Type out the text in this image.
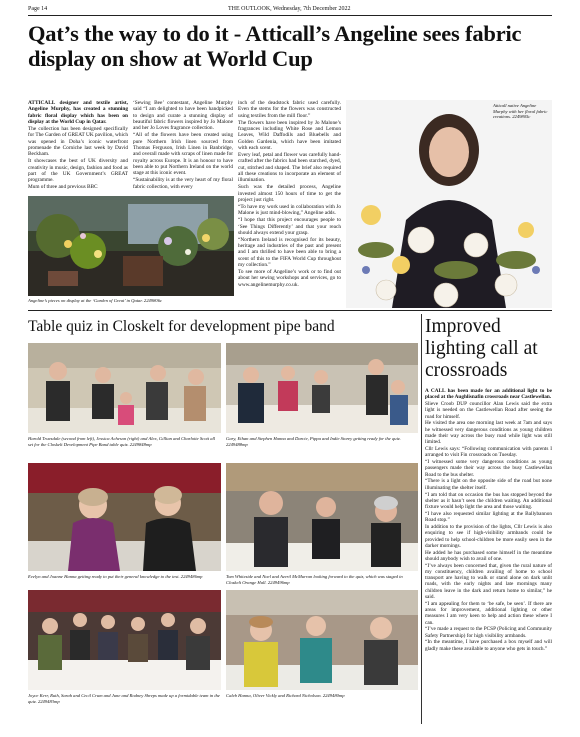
Page 14	THE OUTLOOK, Wednesday, 7th December 2022
Qat’s the way to do it - Atticall’s Angeline sees fabric display on show at World Cup

ATTICALL designer and textile artist, Angeline Murphy, has created a stunning fabric floral display which has been on display at the World Cup in Qatar.

The collection has been designed specifically for The Garden of GREAT UK pavilion, which was opened in Doha’s iconic waterfront promenade the Corniche last week by David Beckham.

It showcases the best of UK diversity and creativity in music, design, fashion and food as part of the UK Government’s GREAT programme.

Mum of three and previous BBC

‘Sewing Bee’ contestant, Angeline Murphy said “I am delighted to have been handpicked to design and curate a stunning display of beautiful fabric flowers inspired by Jo Malone and her Jo Loves fragrance collection.

“All of the flowers have been created using pure Northern Irish linen sourced from Thomas Ferguson, Irish Linen in Banbridge, and overall made with scraps of linen made for royalty across Europe. It is an honour to have been able to put Northern Ireland on the world stage at this iconic event.

“Sustainability is at the very heart of my floral fabric collection, with every

inch of the deadstock fabric used carefully. Even the stems for the flowers was constructed using textiles from the mill floor.”

The flowers have been inspired by Jo Malone’s fragrances including White Rose and Lemon Leaves, Wild Daffodils and Bluebells and Golden Gardenia, which have been imitated with each scent.

Every leaf, petal and flower was carefully hand-crafted after the fabrics had been starched, dyed, cut, stitched and shaped. The brief also required all these creations to incorporate an element of illumination.

Such was the detailed process, Angeline invested almost 150 hours of time to get the project just right.

“To have my work used in collaboration with Jo Malone is just mind-blowing,” Angeline adds.

“I hope that this project encourages people to ‘See Things Differently’ and that your reach should always extend your grasp.

“Northern Ireland is recognised for its beauty, heritage and industries of the past and present and I am thrilled to have been able to bring a scent of this to the FIFA World Cup throughout my collection.”

To see more of Angeline’s work or to find out about her sewing workshops and services, go to www.angelinemurphy.co.uk.

Angeline’s pieces on display at the ‘Garden of Great’ in Qatar. 2249806c
Atticall native Angeline Murphy with her floral fabric creations. 2249805c
Table quiz in Closkelt for development pipe band
Harold Truesdale (second from left), Jessica Acheson (right) and Alex, Gillian and Charlotte Scott all set for the Closkelt Development Pipe Band table quiz. 2249848mp
Gary, Ethan and Stephen Hanna and Darcie, Pippa and Indie Storey getting ready for the quiz. 2249488mp
Evelyn and Joanne Hanna getting ready to put their general knowledge to the test. 2249486mp	Tom Whiteside and Noel and Averil McMurran looking forward to the quiz, which was staged in Closkelt Orange Hall. 2249496mp
Joyce Kerr, Ruth, Sarah and Cecil Crum and June and Rodney Shreps made up a formidable team in the quiz. 2249483mp
Caleb Hanna, Oliver Vickly and Richard Nicholson. 2249480mp
Improved lighting call at crossroads

A CALL has been made for an additional light to be placed at the Aughlisnafin crossroads near Castlewellan.

Slieve Croob DUP councillor Alan Lewis said the extra light is needed on the Castlewellan Road after seeing the road for himself.

He visited the area one morning last week at 7am and says he witnessed very dangerous conditions as young children made their way across the busy road while light was still limited.

Cllr Lewis says: “Following communication with parents I arranged to visit Fin crossroads on Tuesday.

“I witnessed some very dangerous conditions as young passengers made their way across the busy Castlewellan Road to the bus shelter.

“There is a light on the opposite side of the road but none illuminating the shelter itself.

“I am told that on occasion the bus has stopped beyond the shelter as it hasn’t seen the children waiting. An additional fixture would help light the area and those waiting.

“I have also requested similar lighting at the Ballybannon Road stop.”

In addition to the provision of the lights, Cllr Lewis is also enquiring to see if high-visibility armbands could be provided to help school-children be more easily seen in the darker mornings.

He added he has purchased some himself in the meantime should anybody wish to avail of one.

“I’ve always been concerned that, given the rural nature of my constituency, children availing of home to school transport are having to walk or stand alone on dark unlit roads, with the early nights and late mornings many children leave in the dark and return home to similar,” he said.

“I am appealing for them to ‘be safe, be seen’. If there are areas for improvement, additional lighting or other measures I am very keen to help and action these where I can.

“I’ve made a request to the PCSP (Policing and Community Safety Partnership) for high visibility armbands.

“In the meantime, I have purchased a box myself and will gladly make these available to anyone who gets in touch.”
